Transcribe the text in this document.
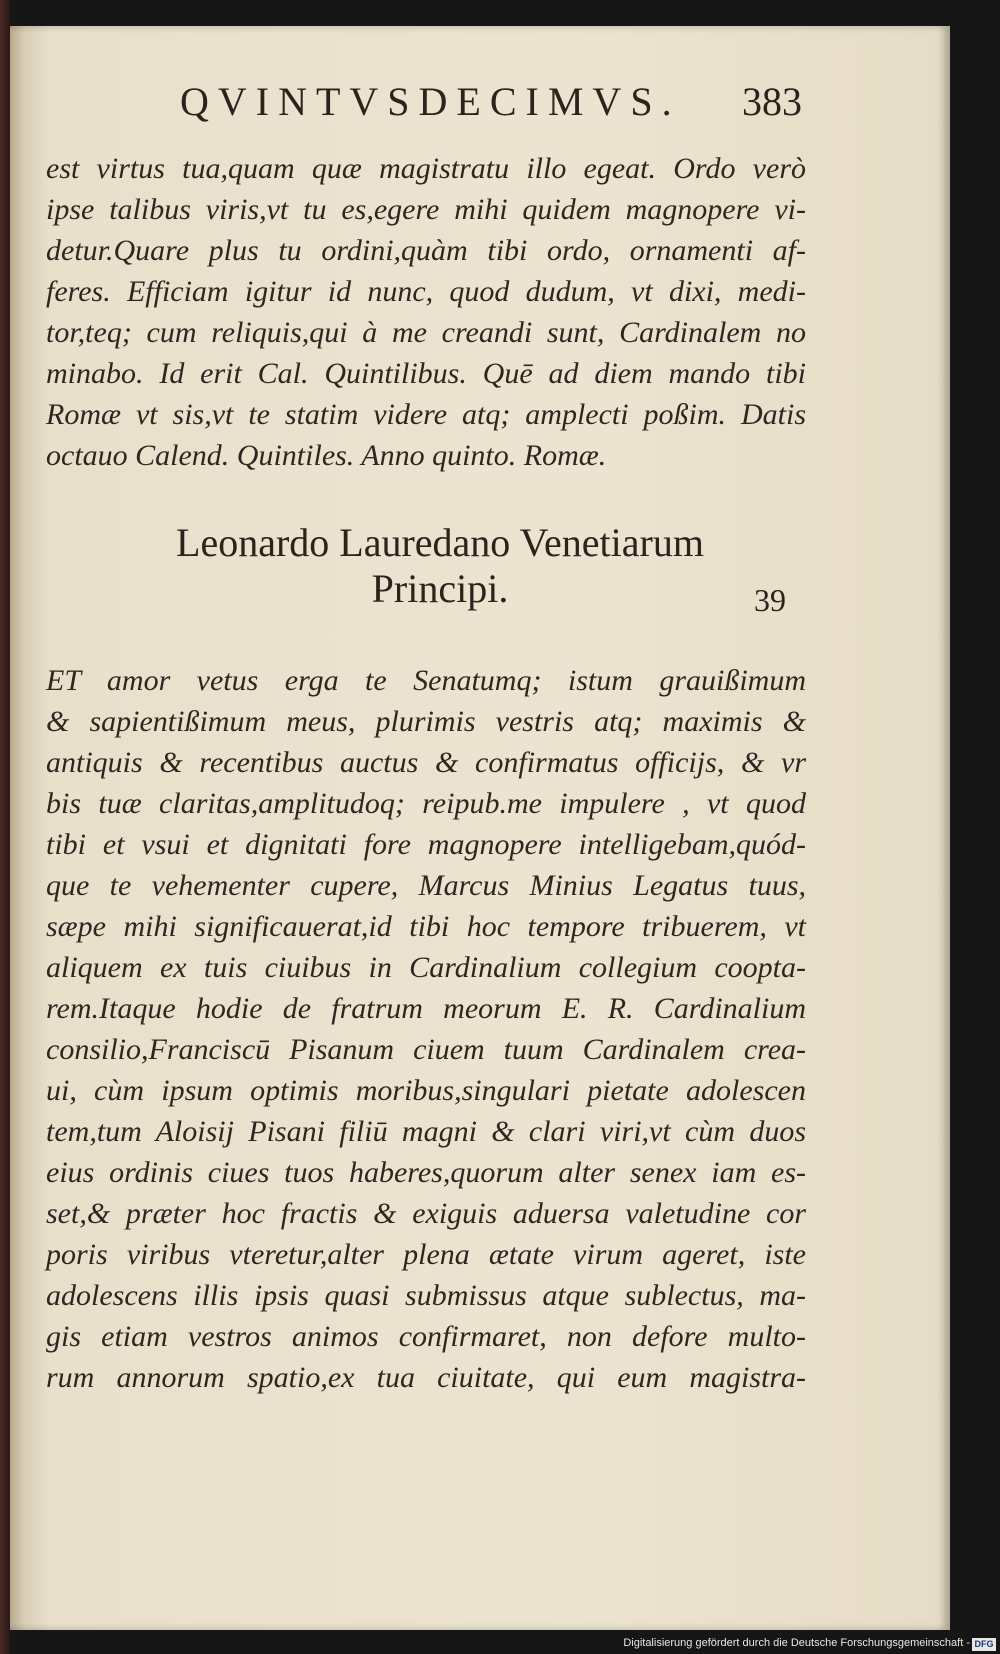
QVINTVSDECIMVS. 383
est virtus tua,quam quæ magistratu illo egeat. Ordo verò
ipse talibus viris,vt tu es,egere mihi quidem magnopere vi-
detur.Quare plus tu ordini,quàm tibi ordo, ornamenti af-
feres. Efficiam igitur id nunc, quod dudum, vt dixi, medi-
tor,teq; cum reliquis,qui à me creandi sunt, Cardinalem no
minabo. Id erit Cal. Quintilibus. Quē ad diem mando tibi
Romæ vt sis,vt te statim videre atq; amplecti poßim. Datis
octauo Calend. Quintiles. Anno quinto. Romæ.
Leonardo Lauredano Venetiarum
Principi.	39
ET amor vetus erga te Senatumq; istum grauißimum
& sapientißimum meus, plurimis vestris atq; maximis &
antiquis & recentibus auctus & confirmatus officijs, & vr
bis tuæ claritas,amplitudoq; reipub.me impulere , vt quod
tibi et vsui et dignitati fore magnopere intelligebam,quód-
que te vehementer cupere, Marcus Minius Legatus tuus,
sæpe mihi significauerat,id tibi hoc tempore tribuerem, vt
aliquem ex tuis ciuibus in Cardinalium collegium coopta-
rem.Itaque hodie de fratrum meorum E. R. Cardinalium
consilio,Franciscū Pisanum ciuem tuum Cardinalem crea-
ui, cùm ipsum optimis moribus,singulari pietate adolescen
tem,tum Aloisij Pisani filiū magni & clari viri,vt cùm duos
eius ordinis ciues tuos haberes,quorum alter senex iam es-
set,& præter hoc fractis & exiguis aduersa valetudine cor
poris viribus vteretur,alter plena ætate virum ageret, iste
adolescens illis ipsis quasi submissus atque sublectus, ma-
gis etiam vestros animos confirmaret, non defore multo-
rum annorum spatio,ex tua ciuitate, qui eum magistra-
Digitalisierung gefördert durch die Deutsche Forschungsgemeinschaft - DFG
